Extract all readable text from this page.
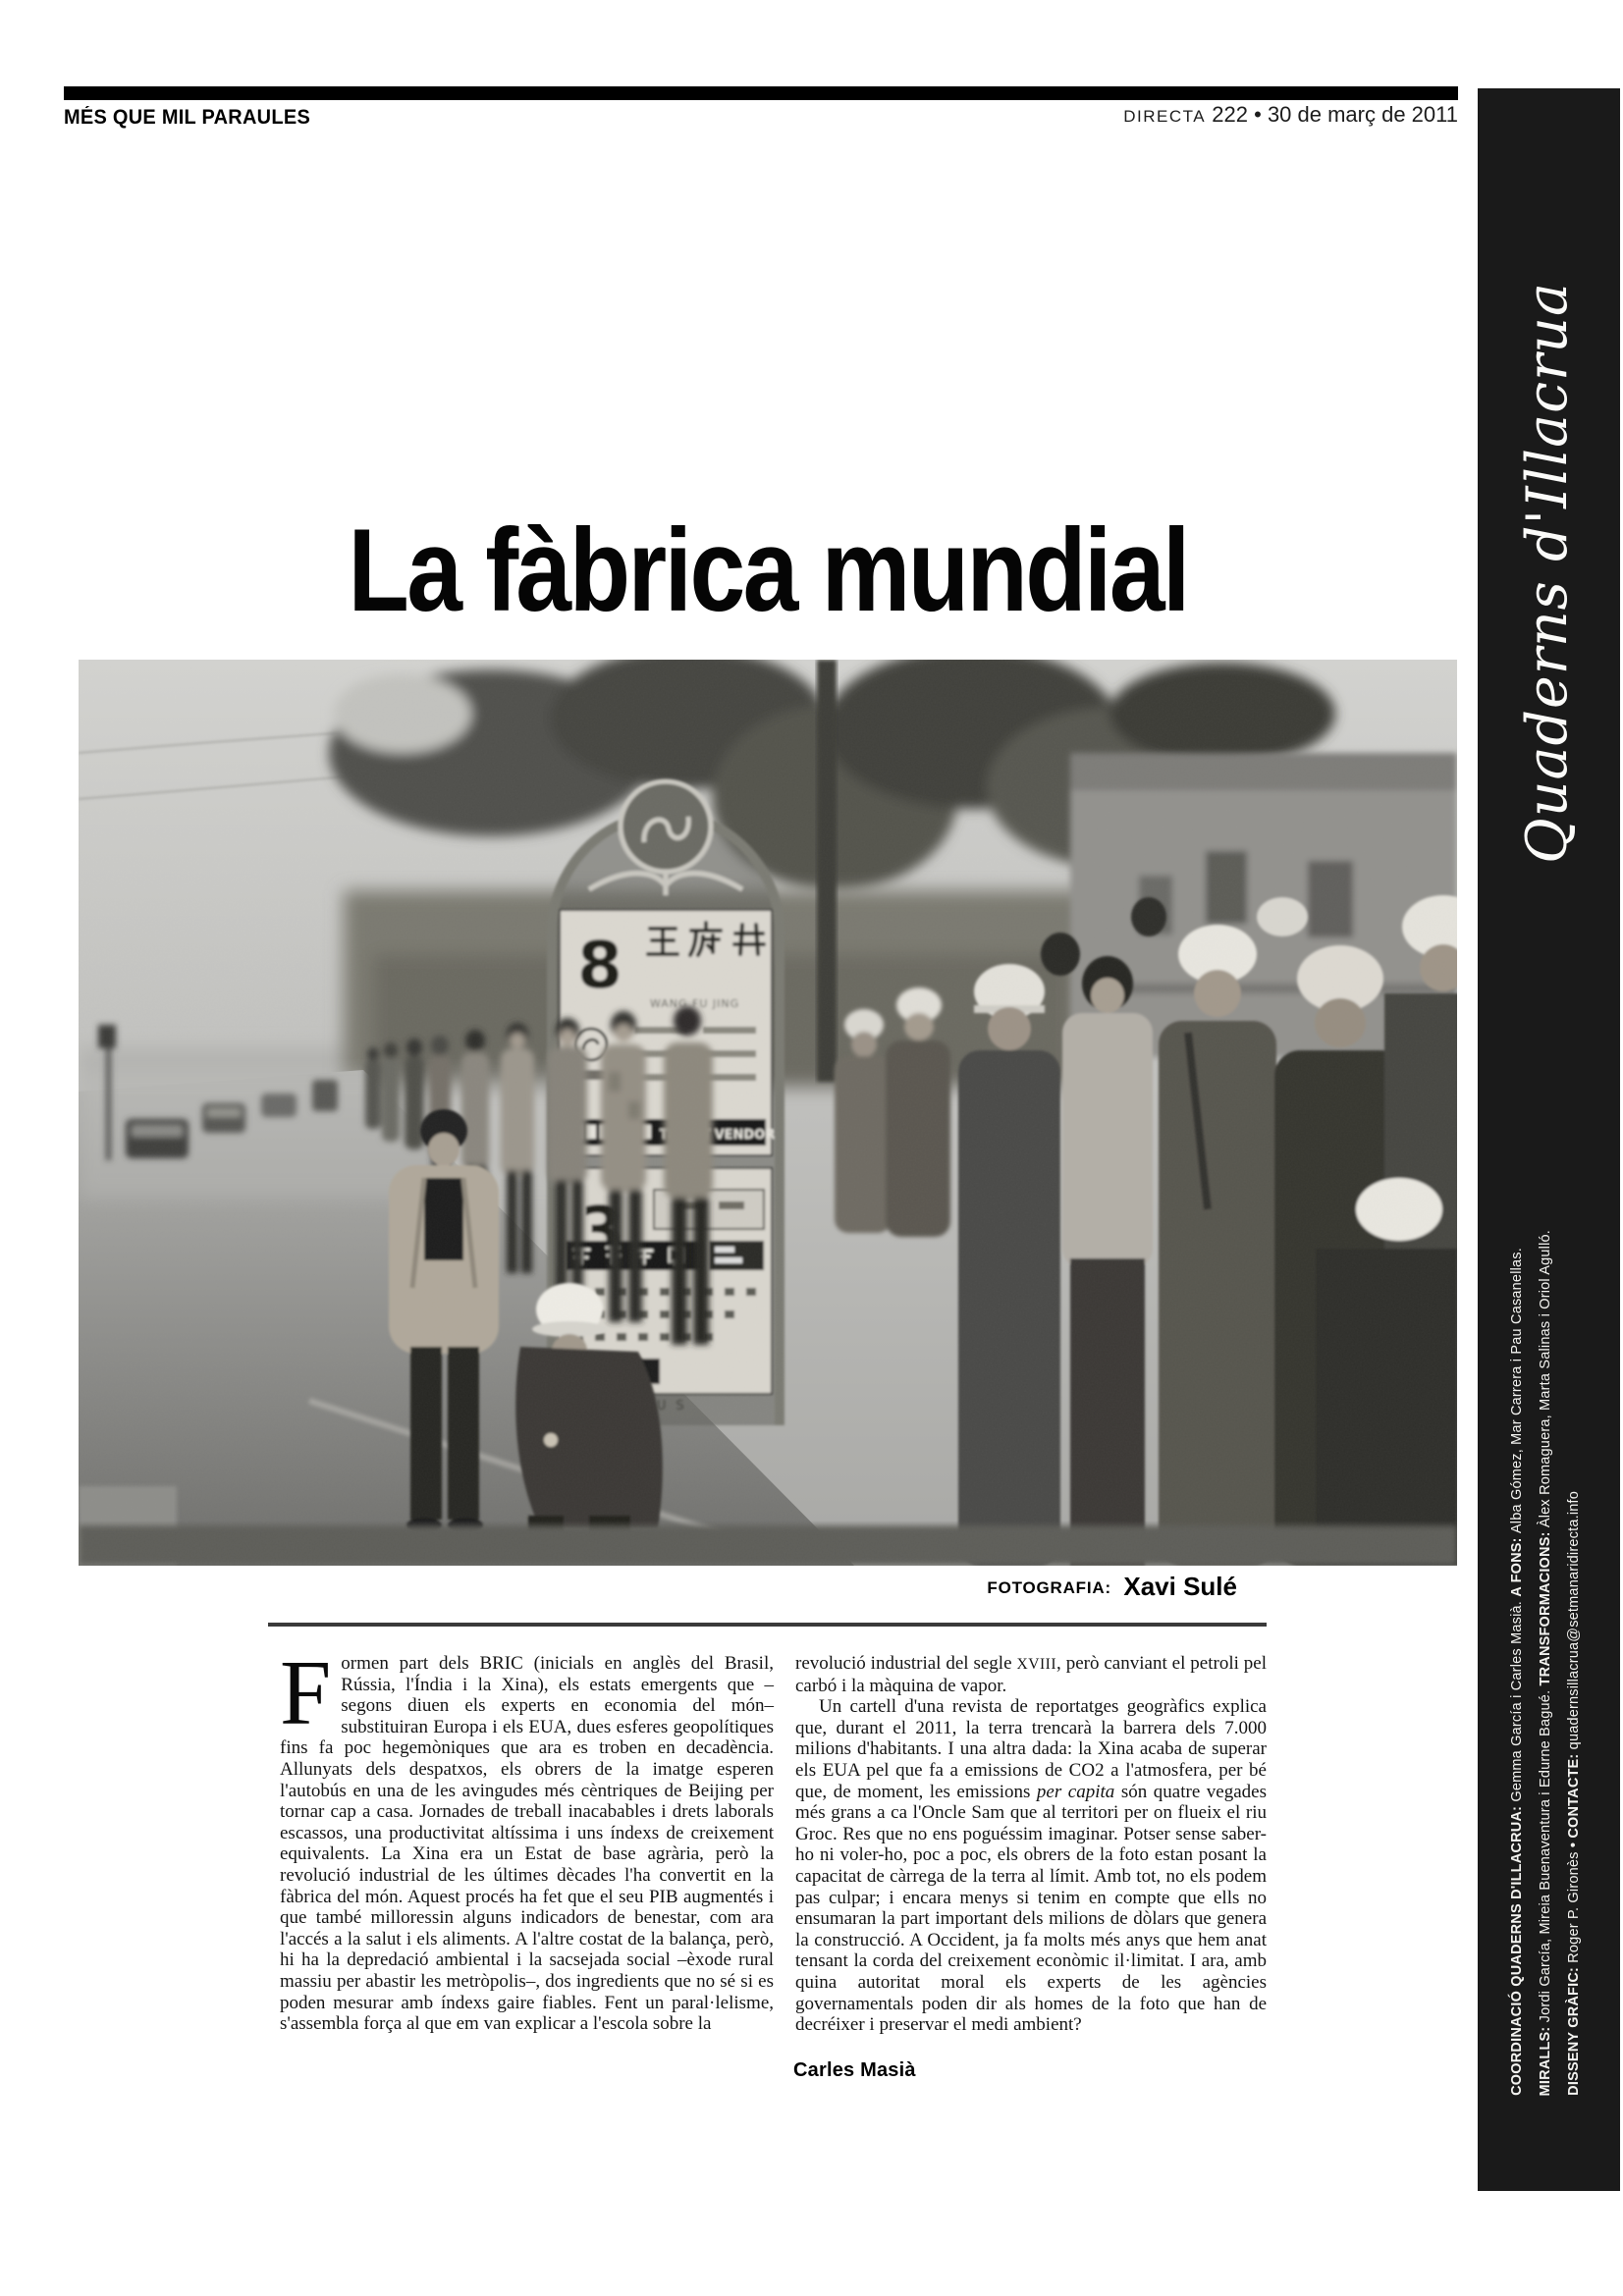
MÉS QUE MIL PARAULES	DIRECTA 222 • 30 de març de 2011
La fàbrica mundial
FOTOGRAFIA: Xavi Sulé

Formen part dels BRIC (inicials en anglès del Brasil, Rússia, l'Índia i la Xina), els estats emergents que –segons diuen els experts en economia del món– substituiran Europa i els EUA, dues esferes geopolítiques fins fa poc hegemòniques que ara es troben en decadència. Allunyats dels despatxos, els obrers de la imatge esperen l'autobús en una de les avingudes més cèntriques de Beijing per tornar cap a casa. Jornades de treball inacabables i drets laborals escassos, una productivitat altíssima i uns índexs de creixement equivalents. La Xina era un Estat de base agrària, però la revolució industrial de les últimes dècades l'ha convertit en la fàbrica del món. Aquest procés ha fet que el seu PIB augmentés i que també milloressin alguns indicadors de benestar, com ara l'accés a la salut i els aliments. A l'altre costat de la balança, però, hi ha la depredació ambiental i la sacsejada social –èxode rural massiu per abastir les metròpolis–, dos ingredients que no sé si es poden mesurar amb índexs gaire fiables. Fent un paral·lelisme, s'assembla força al que em van explicar a l'escola sobre la

revolució industrial del segle XVIII, però canviant el petroli pel carbó i la màquina de vapor.

Un cartell d'una revista de reportatges geogràfics explica que, durant el 2011, la terra trencarà la barrera dels 7.000 milions d'habitants. I una altra dada: la Xina acaba de superar els EUA pel que fa a emissions de CO2 a l'atmosfera, per bé que, de moment, les emissions per capita són quatre vegades més grans a ca l'Oncle Sam que al territori per on flueix el riu Groc. Res que no ens poguéssim imaginar. Potser sense saber-ho ni voler-ho, poc a poc, els obrers de la foto estan posant la capacitat de càrrega de la terra al límit. Amb tot, no els podem pas culpar; i encara menys si tenim en compte que ells no ensumaran la part important dels milions de dòlars que genera la construcció. A Occident, ja fa molts més anys que hem anat tensant la corda del creixement econòmic il·limitat. I ara, amb quina autoritat moral els experts de les agències governamentals poden dir als homes de la foto que han de decréixer i preservar el medi ambient?

Carles Masià
Quaderns d'Illacrua
COORDINACIÓ QUADERNS D'ILLACRUA: Gemma García i Carles Masià. A FONS: Alba Gómez, Mar Carrera i Pau Casanellas.
MIRALLS: Jordi García, Mireia Buenaventura i Edurne Bagué. TRANSFORMACIONS: Àlex Romaguera, Marta Salinas i Oriol Agulló.
DISSENY GRÀFIC: Roger P. Gironès • CONTACTE: quadernsillacrua@setmanaridirecta.info
